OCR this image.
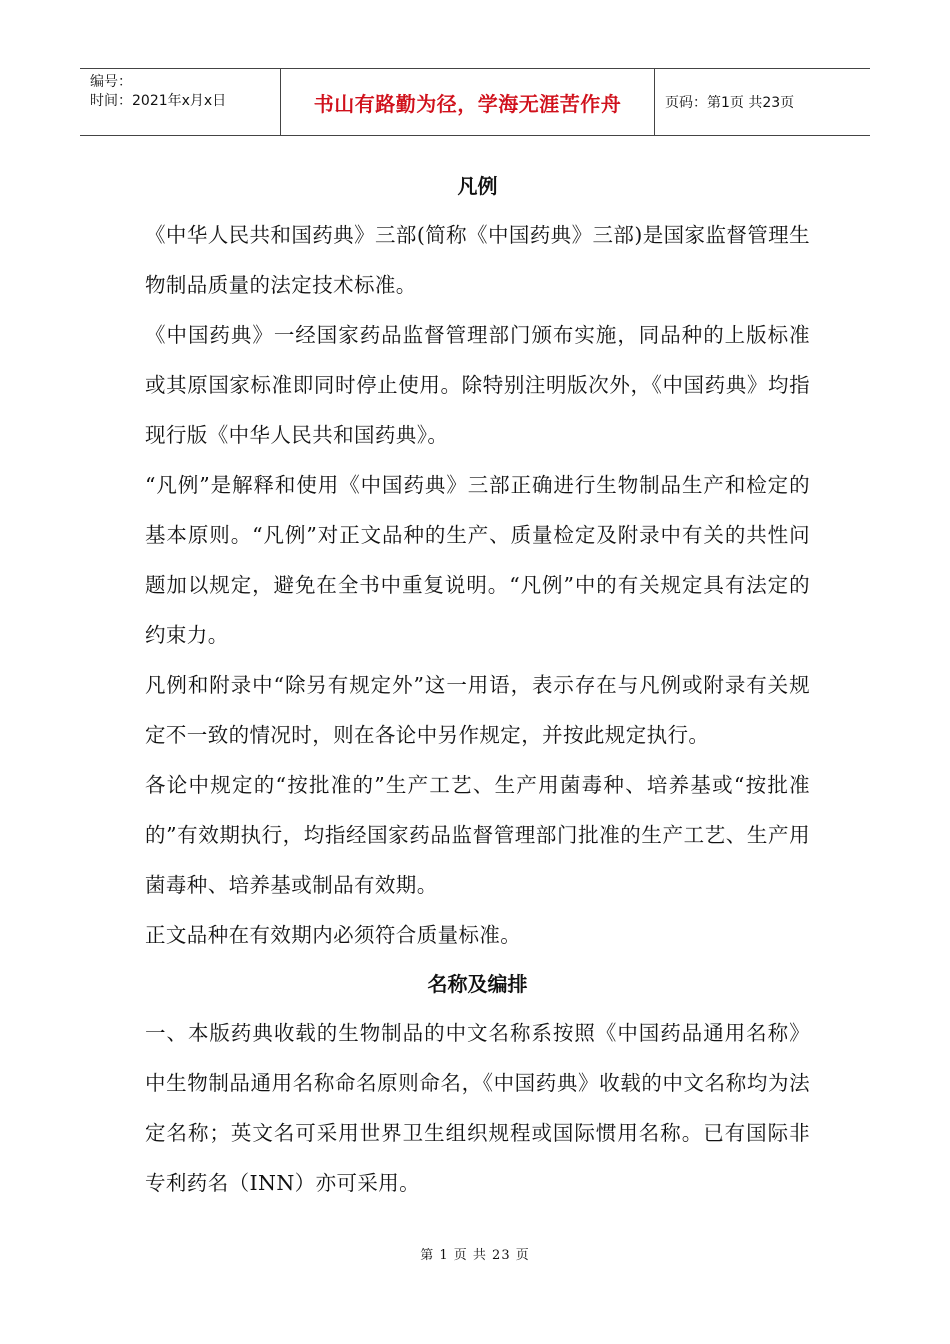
编号：
时间：2021年x月x日	书山有路勤为径，学海无涯苦作舟	页码：第1页 共23页
凡例

《中华人民共和国药典》三部(简称《中国药典》三部)是国家监督管理生物制品质量的法定技术标准。

《中国药典》一经国家药品监督管理部门颁布实施，同品种的上版标准或其原国家标准即同时停止使用。除特别注明版次外，《中国药典》均指现行版《中华人民共和国药典》。

“凡例”是解释和使用《中国药典》三部正确进行生物制品生产和检定的基本原则。“凡例”对正文品种的生产、质量检定及附录中有关的共性问题加以规定，避免在全书中重复说明。“凡例”中的有关规定具有法定的约束力。

凡例和附录中“除另有规定外”这一用语，表示存在与凡例或附录有关规定不一致的情况时，则在各论中另作规定，并按此规定执行。

各论中规定的“按批准的”生产工艺、生产用菌毒种、培养基或“按批准的”有效期执行，均指经国家药品监督管理部门批准的生产工艺、生产用菌毒种、培养基或制品有效期。

正文品种在有效期内必须符合质量标准。

名称及编排

一、本版药典收载的生物制品的中文名称系按照《中国药品通用名称》中生物制品通用名称命名原则命名，《中国药典》收载的中文名称均为法定名称；英文名可采用世界卫生组织规程或国际惯用名称。已有国际非专利药名（INN）亦可采用。

第 1 页 共 23 页
